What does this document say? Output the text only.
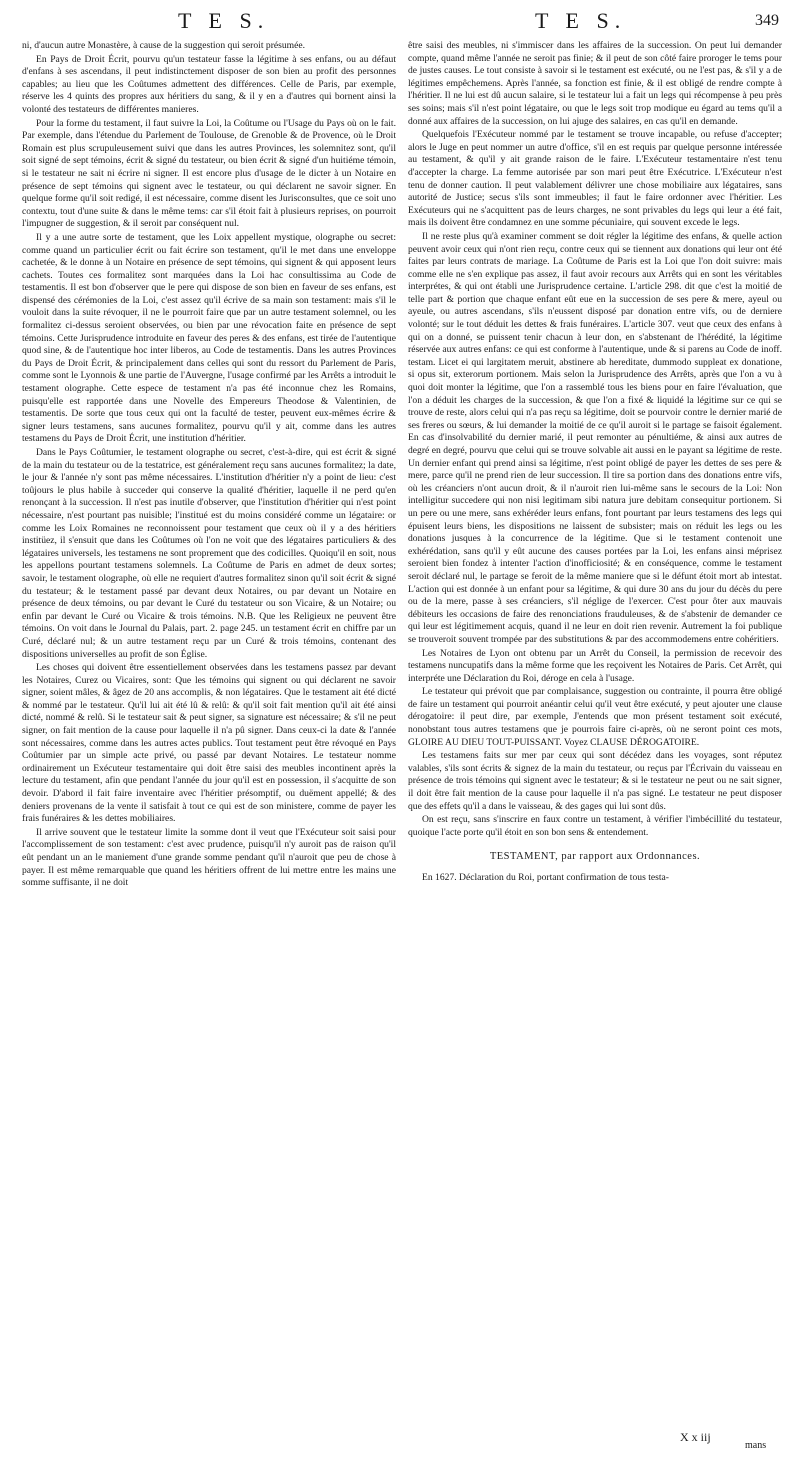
T E S.	T E S.	349

ni, d'aucun autre Monastère, à cause de la suggestion qui seroit présumée.

En Pays de Droit Écrit, pourvu qu'un testateur fasse la légitime à ses enfans, ou au défaut d'enfans à ses ascendans, il peut indistinctement disposer de son bien au profit des personnes capables; au lieu que les Coûtumes admettent des différences. Celle de Paris, par exemple, réserve les 4 quints des propres aux héritiers du sang, & il y en a d'autres qui bornent ainsi la volonté des testateurs de différentes manieres.

Pour la forme du testament, il faut suivre la Loi, la Coûtume ou l'Usage du Pays où on le fait. Par exemple, dans l'étendue du Parlement de Toulouse, de Grenoble & de Provence, où le Droit Romain est plus scrupuleusement suivi que dans les autres Provinces, les solemnitez sont, qu'il soit signé de sept témoins, écrit & signé du testateur, ou bien écrit & signé d'un huitiéme témoin, si le testateur ne sait ni écrire ni signer. Il est encore plus d'usage de le dicter à un Notaire en présence de sept témoins qui signent avec le testateur, ou qui déclarent ne savoir signer. En quelque forme qu'il soit redigé, il est nécessaire, comme disent les Jurisconsultes, que ce soit uno contextu, tout d'une suite & dans le même tems: car s'il étoit fait à plusieurs reprises, on pourroit l'impugner de suggestion, & il seroit par conséquent nul.

Il y a une autre sorte de testament, que les Loix appellent mystique, olographe ou secret: comme quand un particulier écrit ou fait écrire son testament, qu'il le met dans une enveloppe cachetée, & le donne à un Notaire en présence de sept témoins, qui signent & qui apposent leurs cachets. Toutes ces formalitez sont marquées dans la Loi hac consultissima au Code de testamentis. Il est bon d'observer que le pere qui dispose de son bien en faveur de ses enfans, est dispensé des cérémonies de la Loi, c'est assez qu'il écrive de sa main son testament: mais s'il le vouloit dans la suite révoquer, il ne le pourroit faire que par un autre testament solemnel, ou les formalitez ci-dessus seroient observées, ou bien par une révocation faite en présence de sept témoins. Cette Jurisprudence introduite en faveur des peres & des enfans, est tirée de l'autentique quod sine, & de l'autentique hoc inter liberos, au Code de testamentis. Dans les autres Provinces du Pays de Droit Écrit, & principalement dans celles qui sont du ressort du Parlement de Paris, comme sont le Lyonnois & une partie de l'Auvergne, l'usage confirmé par les Arrêts a introduit le testament olographe. Cette espece de testament n'a pas été inconnue chez les Romains, puisqu'elle est rapportée dans une Novelle des Empereurs Theodose & Valentinien, de testamentis. De sorte que tous ceux qui ont la faculté de tester, peuvent eux-mêmes écrire & signer leurs testamens, sans aucunes formalitez, pourvu qu'il y ait, comme dans les autres testamens du Pays de Droit Écrit, une institution d'héritier.

Dans le Pays Coûtumier, le testament olographe ou secret, c'est-à-dire, qui est écrit & signé de la main du testateur ou de la testatrice, est généralement reçu sans aucunes formalitez; la date, le jour & l'année n'y sont pas même nécessaires. L'institution d'héritier n'y a point de lieu: c'est toûjours le plus habile à succeder qui conserve la qualité d'héritier, laquelle il ne perd qu'en renonçant à la succession. Il n'est pas inutile d'observer, que l'institution d'héritier qui n'est point nécessaire, n'est pourtant pas nuisible; l'institué est du moins considéré comme un légataire: or comme les Loix Romaines ne reconnoissent pour testament que ceux où il y a des héritiers institüez, il s'ensuit que dans les Coûtumes où l'on ne voit que des légataires particuliers & des légataires universels, les testamens ne sont proprement que des codicilles. Quoiqu'il en soit, nous les appellons pourtant testamens solemnels. La Coûtume de Paris en admet de deux sortes; savoir, le testament olographe, où elle ne requiert d'autres formalitez sinon qu'il soit écrit & signé du testateur; & le testament passé par devant deux Notaires, ou par devant un Notaire en présence de deux témoins, ou par devant le Curé du testateur ou son Vicaire, & un Notaire; ou enfin par devant le Curé ou Vicaire & trois témoins. N.B. Que les Religieux ne peuvent être témoins. On voit dans le Journal du Palais, part. 2. page 245. un testament écrit en chiffre par un Curé, déclaré nul; & un autre testament reçu par un Curé & trois témoins, contenant des dispositions universelles au profit de son Église.

Les choses qui doivent être essentiellement observées dans les testamens passez par devant les Notaires, Curez ou Vicaires, sont: Que les témoins qui signent ou qui déclarent ne savoir signer, soient mâles, & âgez de 20 ans accomplis, & non légataires. Que le testament ait été dicté & nommé par le testateur. Qu'il lui ait été lû & relû: & qu'il soit fait mention qu'il ait été ainsi dicté, nommé & relû. Si le testateur sait & peut signer, sa signature est nécessaire; & s'il ne peut signer, on fait mention de la cause pour laquelle il n'a pû signer. Dans ceux-ci la date & l'année sont nécessaires, comme dans les autres actes publics. Tout testament peut être révoqué en Pays Coûtumier par un simple acte privé, ou passé par devant Notaires. Le testateur nomme ordinairement un Exécuteur testamentaire qui doit être saisi des meubles incontinent après la lecture du testament, afin que pendant l'année du jour qu'il est en possession, il s'acquitte de son devoir. D'abord il fait faire inventaire avec l'héritier présomptif, ou duëment appellé; & des deniers provenans de la vente il satisfait à tout ce qui est de son ministere, comme de payer les frais funéraires & les dettes mobiliaires.

Il arrive souvent que le testateur limite la somme dont il veut que l'Exécuteur soit saisi pour l'accomplissement de son testament: c'est avec prudence, puisqu'il n'y auroit pas de raison qu'il eût pendant un an le maniement d'une grande somme pendant qu'il n'auroit que peu de chose à payer. Il est même remarquable que quand les héritiers offrent de lui mettre entre les mains une somme suffisante, il ne doit

être saisi des meubles, ni s'immiscer dans les affaires de la succession. On peut lui demander compte, quand même l'année ne seroit pas finie; & il peut de son côté faire proroger le tems pour de justes causes. Le tout consiste à savoir si le testament est exécuté, ou ne l'est pas, & s'il y a de légitimes empêchemens. Après l'année, sa fonction est finie, & il est obligé de rendre compte à l'héritier. Il ne lui est dû aucun salaire, si le testateur lui a fait un legs qui récompense à peu près ses soins; mais s'il n'est point légataire, ou que le legs soit trop modique eu égard au tems qu'il a donné aux affaires de la succession, on lui ajuge des salaires, en cas qu'il en demande.

Quelquefois l'Exécuteur nommé par le testament se trouve incapable, ou refuse d'accepter; alors le Juge en peut nommer un autre d'office, s'il en est requis par quelque personne intéressée au testament, & qu'il y ait grande raison de le faire. L'Exécuteur testamentaire n'est tenu d'accepter la charge. La femme autorisée par son mari peut être Exécutrice. L'Exécuteur n'est tenu de donner caution. Il peut valablement délivrer une chose mobiliaire aux légataires, sans autorité de Justice; secus s'ils sont immeubles; il faut le faire ordonner avec l'héritier. Les Exécuteurs qui ne s'acquittent pas de leurs charges, ne sont privables du legs qui leur a été fait, mais ils doivent être condamnez en une somme pécuniaire, qui souvent excede le legs.

Il ne reste plus qu'à examiner comment se doit régler la légitime des enfans, & quelle action peuvent avoir ceux qui n'ont rien reçu, contre ceux qui se tiennent aux donations qui leur ont été faites par leurs contrats de mariage. La Coûtume de Paris est la Loi que l'on doit suivre: mais comme elle ne s'en explique pas assez, il faut avoir recours aux Arrêts qui en sont les véritables interprétes, & qui ont établi une Jurisprudence certaine. L'article 298. dit que c'est la moitié de telle part & portion que chaque enfant eût eue en la succession de ses pere & mere, ayeul ou ayeule, ou autres ascendans, s'ils n'eussent disposé par donation entre vifs, ou de derniere volonté; sur le tout déduit les dettes & frais funéraires. L'article 307. veut que ceux des enfans à qui on a donné, se puissent tenir chacun à leur don, en s'abstenant de l'hérédité, la légitime réservée aux autres enfans: ce qui est conforme à l'autentique, unde & si parens au Code de inoff. testam. Licet ei qui largitatem meruit, abstinere ab hereditate, dummodo suppleat ex donatione, si opus sit, exterorum portionem. Mais selon la Jurisprudence des Arrêts, après que l'on a vu à quoi doit monter la légitime, que l'on a rassemblé tous les biens pour en faire l'évaluation, que l'on a déduit les charges de la succession, & que l'on a fixé & liquidé la légitime sur ce qui se trouve de reste, alors celui qui n'a pas reçu sa légitime, doit se pourvoir contre le dernier marié de ses freres ou sœurs, & lui demander la moitié de ce qu'il auroit si le partage se faisoit également. En cas d'insolvabilité du dernier marié, il peut remonter au pénultiéme, & ainsi aux autres de degré en degré, pourvu que celui qui se trouve solvable ait aussi en le payant sa légitime de reste. Un dernier enfant qui prend ainsi sa légitime, n'est point obligé de payer les dettes de ses pere & mere, parce qu'il ne prend rien de leur succession. Il tire sa portion dans des donations entre vifs, où les créanciers n'ont aucun droit, & il n'auroit rien lui-même sans le secours de la Loi: Non intelligitur succedere qui non nisi legitimam sibi natura jure debitam consequitur portionem. Si un pere ou une mere, sans exhéréder leurs enfans, font pourtant par leurs testamens des legs qui épuisent leurs biens, les dispositions ne laissent de subsister; mais on réduit les legs ou les donations jusques à la concurrence de la légitime. Que si le testament contenoit une exhérédation, sans qu'il y eût aucune des causes portées par la Loi, les enfans ainsi méprisez seroient bien fondez à intenter l'action d'inofficiosité; & en conséquence, comme le testament seroit déclaré nul, le partage se feroit de la même maniere que si le défunt étoit mort ab intestat. L'action qui est donnée à un enfant pour sa légitime, & qui dure 30 ans du jour du décès du pere ou de la mere, passe à ses créanciers, s'il néglige de l'exercer. C'est pour ôter aux mauvais débiteurs les occasions de faire des renonciations frauduleuses, & de s'abstenir de demander ce qui leur est légitimement acquis, quand il ne leur en doit rien revenir. Autrement la foi publique se trouveroit souvent trompée par des substitutions & par des accommodemens entre cohéritiers.

Les Notaires de Lyon ont obtenu par un Arrêt du Conseil, la permission de recevoir des testamens nuncupatifs dans la même forme que les reçoivent les Notaires de Paris. Cet Arrêt, qui interpréte une Déclaration du Roi, déroge en cela à l'usage.

Le testateur qui prévoit que par complaisance, suggestion ou contrainte, il pourra être obligé de faire un testament qui pourroit anéantir celui qu'il veut être exécuté, y peut ajouter une clause dérogatoire: il peut dire, par exemple, J'entends que mon présent testament soit exécuté, nonobstant tous autres testamens que je pourrois faire ci-après, où ne seront point ces mots, GLOIRE AU DIEU TOUT-PUISSANT. Voyez CLAUSE DÉROGATOIRE.

Les testamens faits sur mer par ceux qui sont décédez dans les voyages, sont réputez valables, s'ils sont écrits & signez de la main du testateur, ou reçus par l'Écrivain du vaisseau en présence de trois témoins qui signent avec le testateur; & si le testateur ne peut ou ne sait signer, il doit être fait mention de la cause pour laquelle il n'a pas signé. Le testateur ne peut disposer que des effets qu'il a dans le vaisseau, & des gages qui lui sont dûs.

On est reçu, sans s'inscrire en faux contre un testament, à vérifier l'imbécillité du testateur, quoique l'acte porte qu'il étoit en son bon sens & entendement.

TESTAMENT, par rapport aux Ordonnances.

En 1627. Déclaration du Roi, portant confirmation de tous testa-

X x iij
mans
